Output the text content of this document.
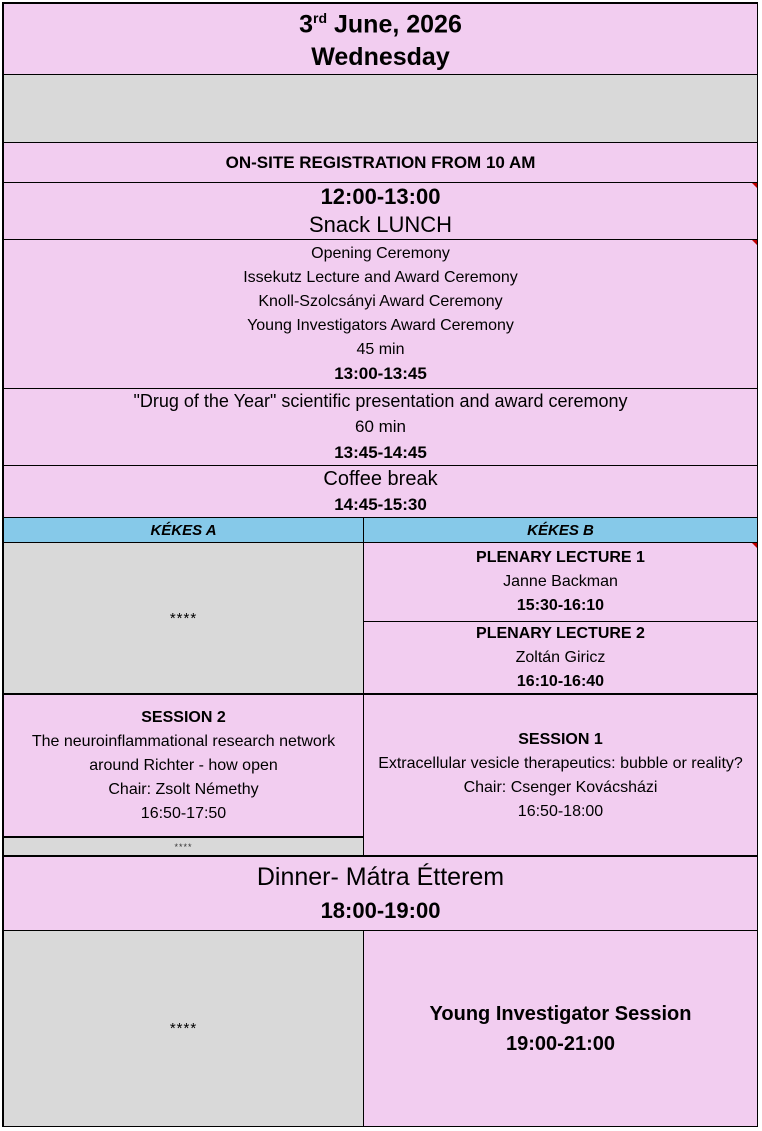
3rd June, 2026
Wednesday
ON-SITE REGISTRATION FROM 10 AM
12:00-13:00
Snack LUNCH
Opening Ceremony
Issekutz Lecture and Award Ceremony
Knoll-Szolcsányi Award Ceremony
Young Investigators Award Ceremony
45 min
13:00-13:45
"Drug of the Year" scientific presentation and award ceremony
60 min
13:45-14:45
Coffee break
14:45-15:30
KÉKES A	KÉKES B
****
PLENARY LECTURE 1
Janne Backman
15:30-16:10
PLENARY LECTURE 2
Zoltán Giricz
16:10-16:40
SESSION 2
The neuroinflammational research network
around Richter - how open
Chair: Zsolt Némethy
16:50-17:50
****
SESSION 1
Extracellular vesicle therapeutics: bubble or reality?
Chair: Csenger Kovácsházi
16:50-18:00
Dinner- Mátra Étterem
18:00-19:00
****
Young Investigator Session
19:00-21:00
